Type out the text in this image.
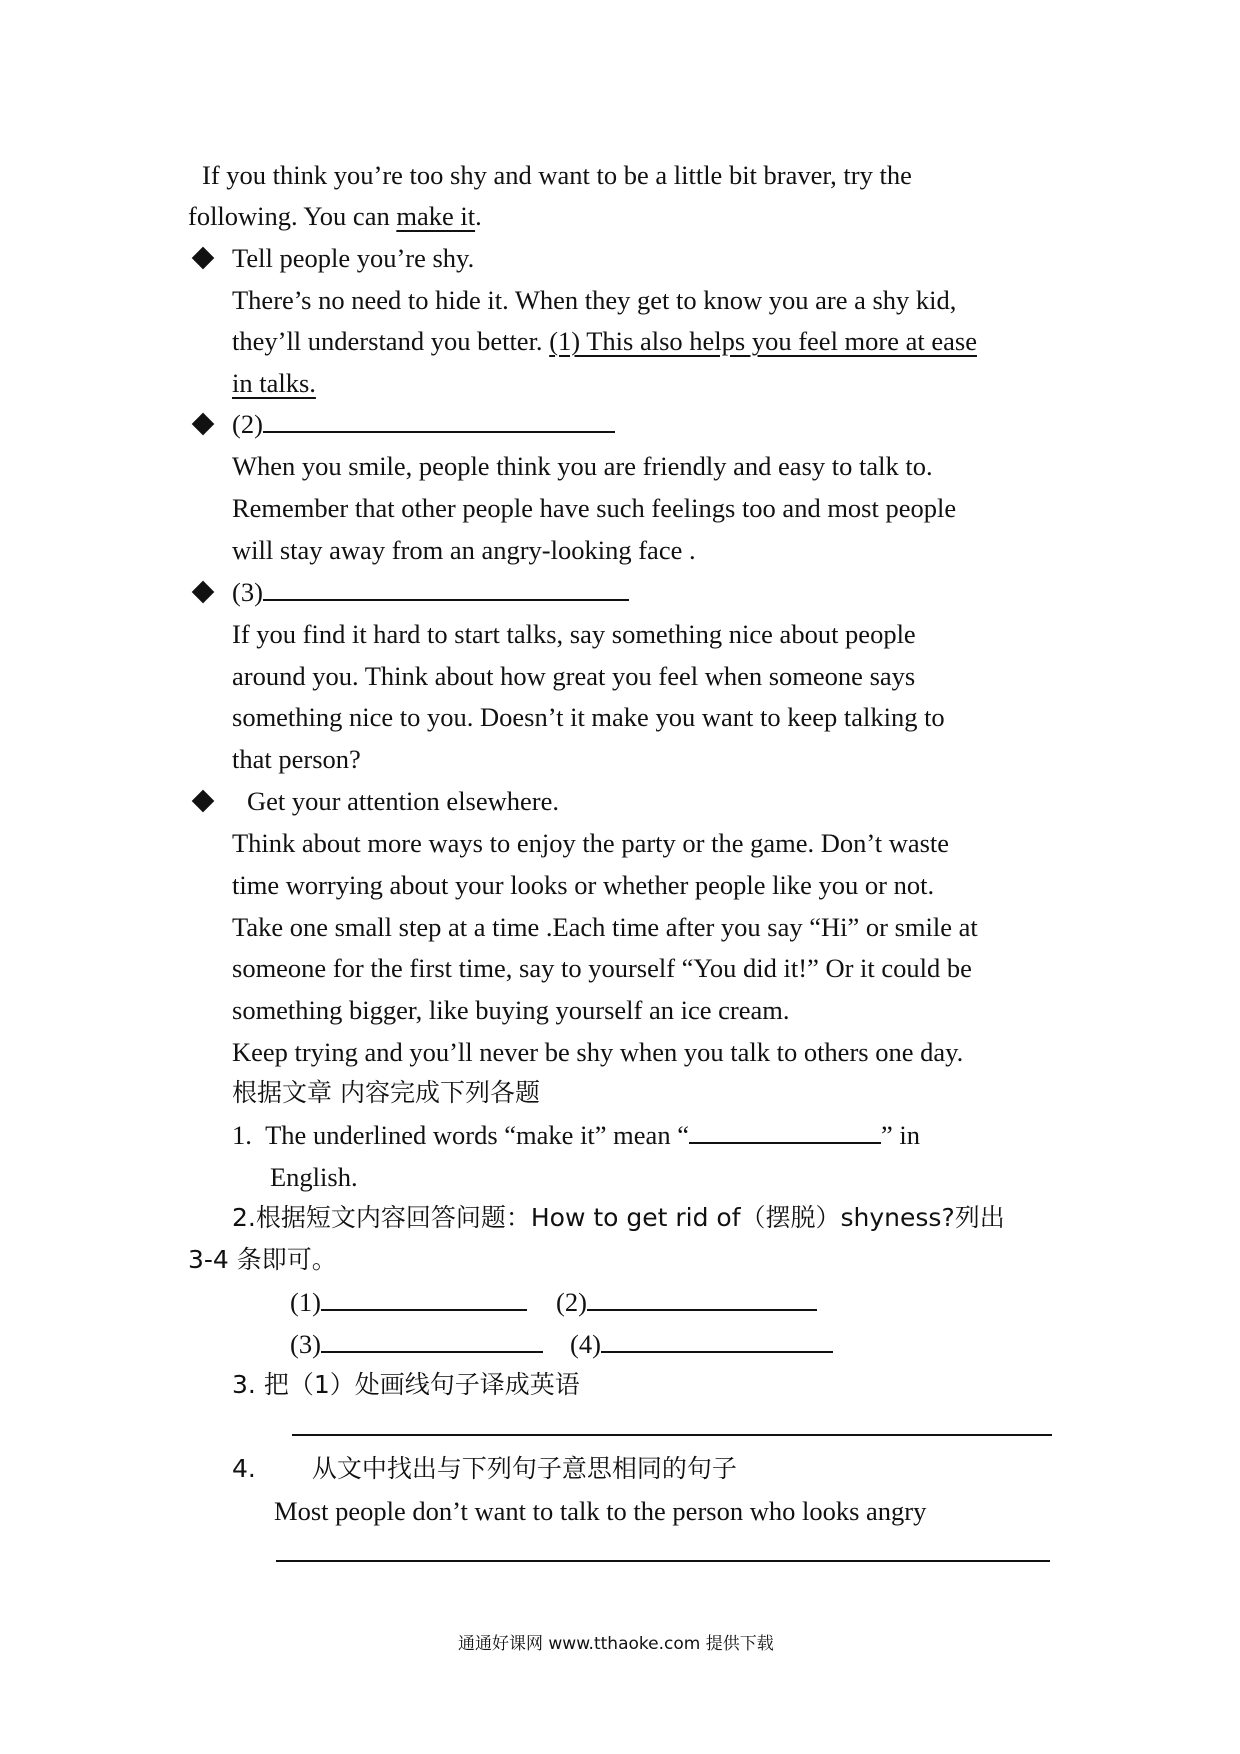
If you think you’re too shy and want to be a little bit braver, try the
following. You can make it.
Tell people you’re shy.
There’s no need to hide it. When they get to know you are a shy kid,
they’ll understand you better. (1) This also helps you feel more at ease
in talks.
(2)
When you smile, people think you are friendly and easy to talk to.
Remember that other people have such feelings too and most people
will stay away from an angry-looking face .
(3)
If you find it hard to start talks, say something nice about people
around you. Think about how great you feel when someone says
something nice to you. Doesn’t it make you want to keep talking to
that person?
Get your attention elsewhere.
Think about more ways to enjoy the party or the game. Don’t waste
time worrying about your looks or whether people like you or not.
Take one small step at a time .Each time after you say “Hi” or smile at
someone for the first time, say to yourself “You did it!” Or it could be
something bigger, like buying yourself an ice cream.
Keep trying and you’ll never be shy when you talk to others one day.
根据文章 内容完成下列各题
1. The underlined words “make it” mean “	” in
English.
2.根据短文内容回答问题：How to get rid of（摆脱）shyness?列出
3-4 条即可。
(1)	(2)
(3)	(4)
3. 把（1）处画线句子译成英语
4. 从文中找出与下列句子意思相同的句子
Most people don’t want to talk to the person who looks angry
通通好课网 www.tthaoke.com 提供下载
